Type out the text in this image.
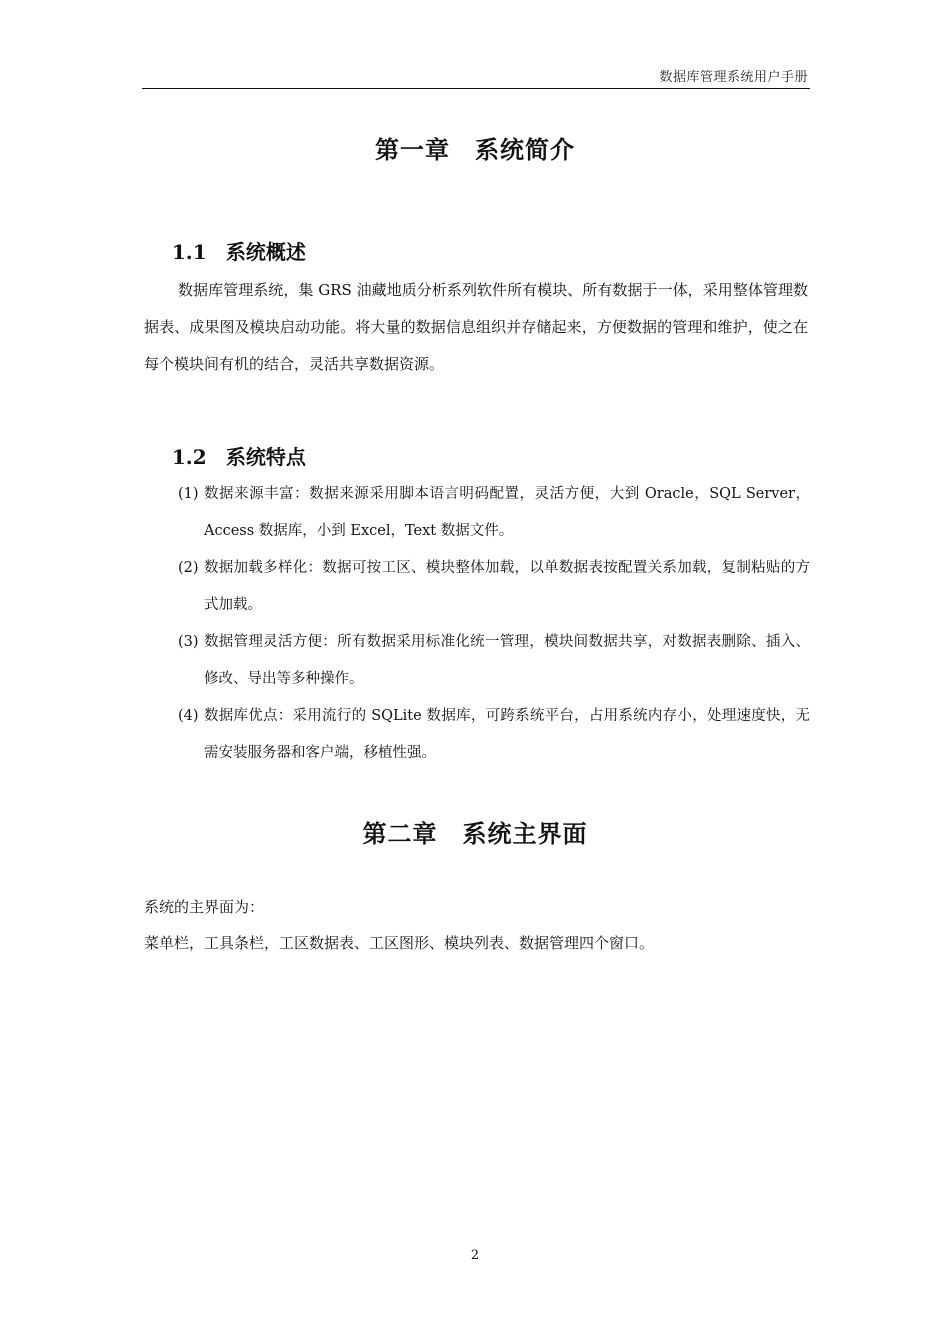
数据库管理系统用户手册
第一章　系统简介

1.1 系统概述

数据库管理系统，集 GRS 油藏地质分析系列软件所有模块、所有数据于一体，采用整体管理数据表、成果图及模块启动功能。将大量的数据信息组织并存储起来，方便数据的管理和维护，使之在每个模块间有机的结合，灵活共享数据资源。

1.2 系统特点

(1) 数据来源丰富：数据来源采用脚本语言明码配置，灵活方便，大到 Oracle，SQL Server，Access 数据库，小到 Excel，Text 数据文件。
(2) 数据加载多样化：数据可按工区、模块整体加载，以单数据表按配置关系加载，复制粘贴的方式加载。
(3) 数据管理灵活方便：所有数据采用标准化统一管理，模块间数据共享，对数据表删除、插入、修改、导出等多种操作。
(4) 数据库优点：采用流行的 SQLite 数据库，可跨系统平台，占用系统内存小，处理速度快，无需安装服务器和客户端，移植性强。
第二章　系统主界面

系统的主界面为：

菜单栏，工具条栏，工区数据表、工区图形、模块列表、数据管理四个窗口。

2
